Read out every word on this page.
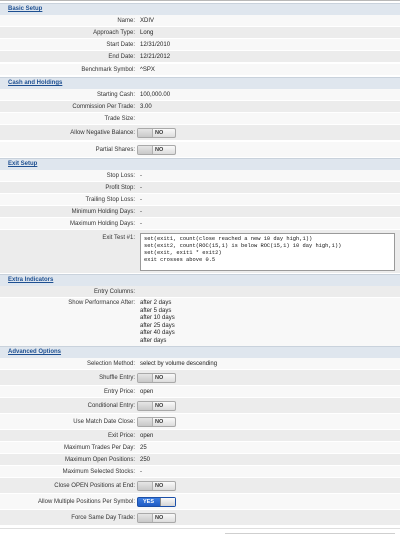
Basic Setup
Name: XDIV
Approach Type: Long
Start Date: 12/31/2010
End Date: 12/21/2012
Benchmark Symbol: ^SPX
Cash and Holdings
Starting Cash: 100,000.00
Commission Per Trade: 3.00
Trade Size:
Allow Negative Balance:	NO
Partial Shares:	NO
Exit Setup
Stop Loss: -
Profit Stop: -
Trailing Stop Loss: -
Minimum Holding Days: -
Maximum Holding Days: -
Exit Test #1: set(exit1, count(close reached a new 10 day high,1))
set(exit2, count(ROC(15,1) is below ROC(15,1) 10 day high,1))
set(exit, exit1 * exit2)
exit crosses above 0.5
Extra Indicators
Entry Columns:
Show Performance After: after 2 days
after 5 days
after 10 days
after 25 days
after 40 days
after days
Advanced Options
Selection Method: select by volume descending
Shuffle Entry:	NO
Entry Price: open
Conditional Entry:	NO
Use Match Date Close:	NO
Exit Price: open
Maximum Trades Per Day: 25
Maximum Open Positions: 250
Maximum Selected Stocks: -
Close OPEN Positions at End:	NO
Allow Multiple Positions Per Symbol: YES
Force Same Day Trade:	NO
